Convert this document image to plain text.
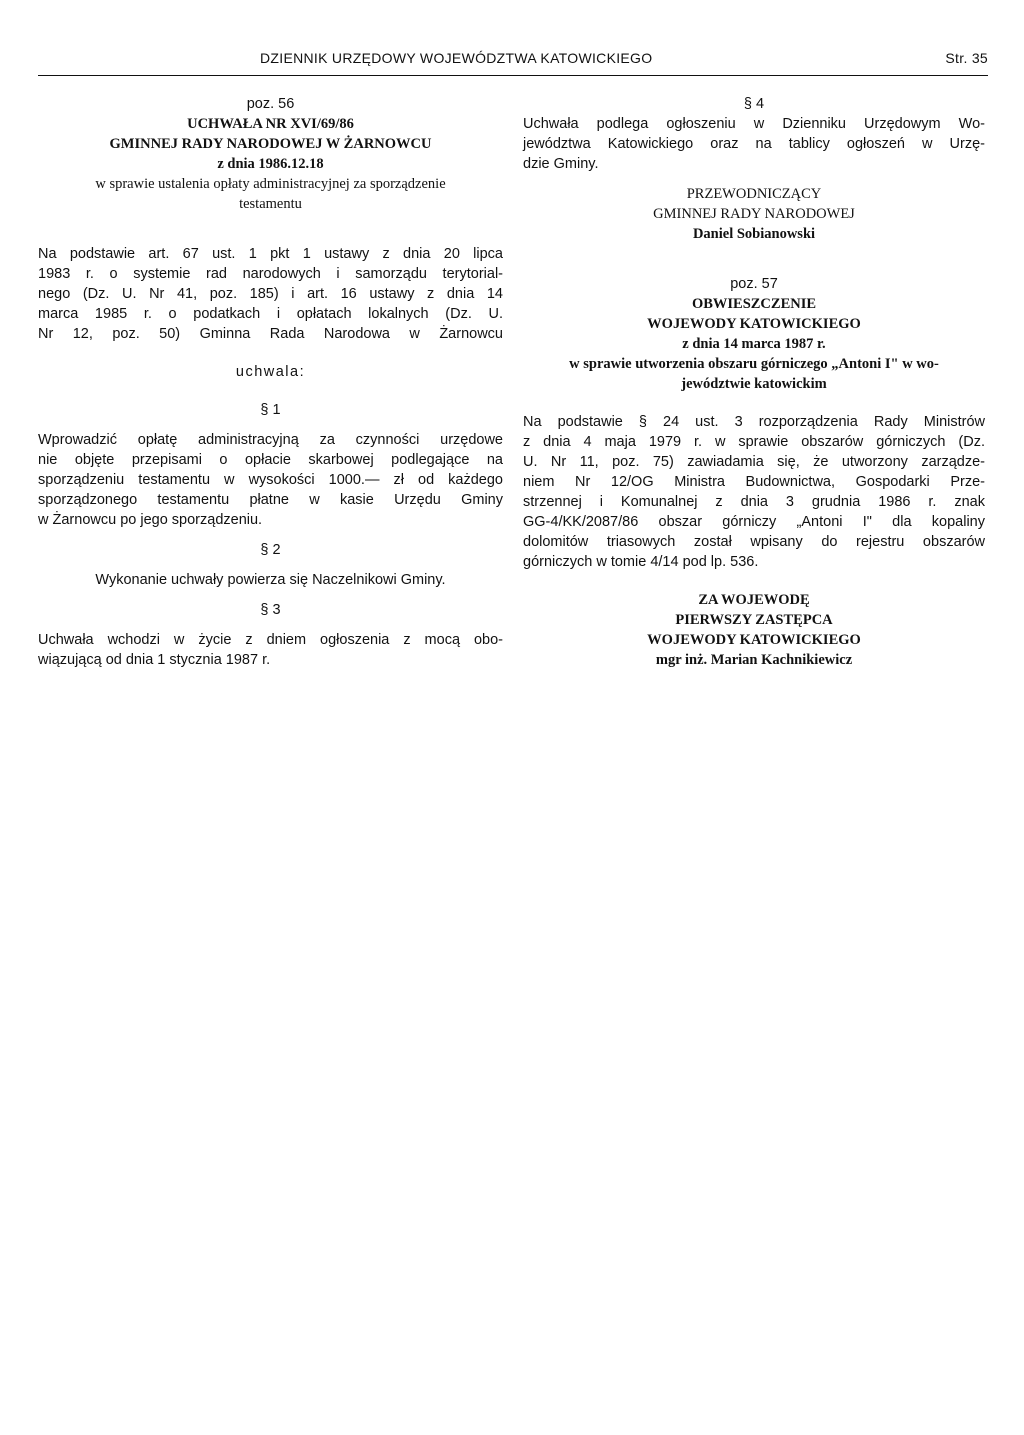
DZIENNIK URZĘDOWY WOJEWÓDZTWA KATOWICKIEGO	Str. 35
poz. 56
UCHWAŁA NR XVI/69/86
GMINNEJ RADY NARODOWEJ W ŻARNOWCU
z dnia 1986.12.18
w sprawie ustalenia opłaty administracyjnej za sporządzenie
testamentu
Na podstawie art. 67 ust. 1 pkt 1 ustawy z dnia 20 lipca
1983 r. o systemie rad narodowych i samorządu terytorial-
nego (Dz. U. Nr 41, poz. 185) i art. 16 ustawy z dnia 14
marca 1985 r. o podatkach i opłatach lokalnych (Dz. U.
Nr 12, poz. 50) Gminna Rada Narodowa w Żarnowcu
uchwala:
§ 1
Wprowadzić opłatę administracyjną za czynności urzędowe
nie objęte przepisami o opłacie skarbowej podlegające na
sporządzeniu testamentu w wysokości 1000.— zł od każdego
sporządzonego testamentu płatne w kasie Urzędu Gminy
w Żarnowcu po jego sporządzeniu.
§ 2
Wykonanie uchwały powierza się Naczelnikowi Gminy.
§ 3
Uchwała wchodzi w życie z dniem ogłoszenia z mocą obo-
wiązującą od dnia 1 stycznia 1987 r.
§ 4
Uchwała podlega ogłoszeniu w Dzienniku Urzędowym Wo-
jewództwa Katowickiego oraz na tablicy ogłoszeń w Urzę-
dzie Gminy.
PRZEWODNICZĄCY
GMINNEJ RADY NARODOWEJ
Daniel Sobianowski
poz. 57
OBWIESZCZENIE
WOJEWODY KATOWICKIEGO
z dnia 14 marca 1987 r.
w sprawie utworzenia obszaru górniczego „Antoni I" w wo-
jewództwie katowickim
Na podstawie § 24 ust. 3 rozporządzenia Rady Ministrów
z dnia 4 maja 1979 r. w sprawie obszarów górniczych (Dz.
U. Nr 11, poz. 75) zawiadamia się, że utworzony zarządze-
niem Nr 12/OG Ministra Budownictwa, Gospodarki Prze-
strzennej i Komunalnej z dnia 3 grudnia 1986 r. znak
GG-4/KK/2087/86 obszar górniczy „Antoni I" dla kopaliny
dolomitów triasowych został wpisany do rejestru obszarów
górniczych w tomie 4/14 pod lp. 536.
ZA WOJEWODĘ
PIERWSZY ZASTĘPCA
WOJEWODY KATOWICKIEGO
mgr inż. Marian Kachnikiewicz
